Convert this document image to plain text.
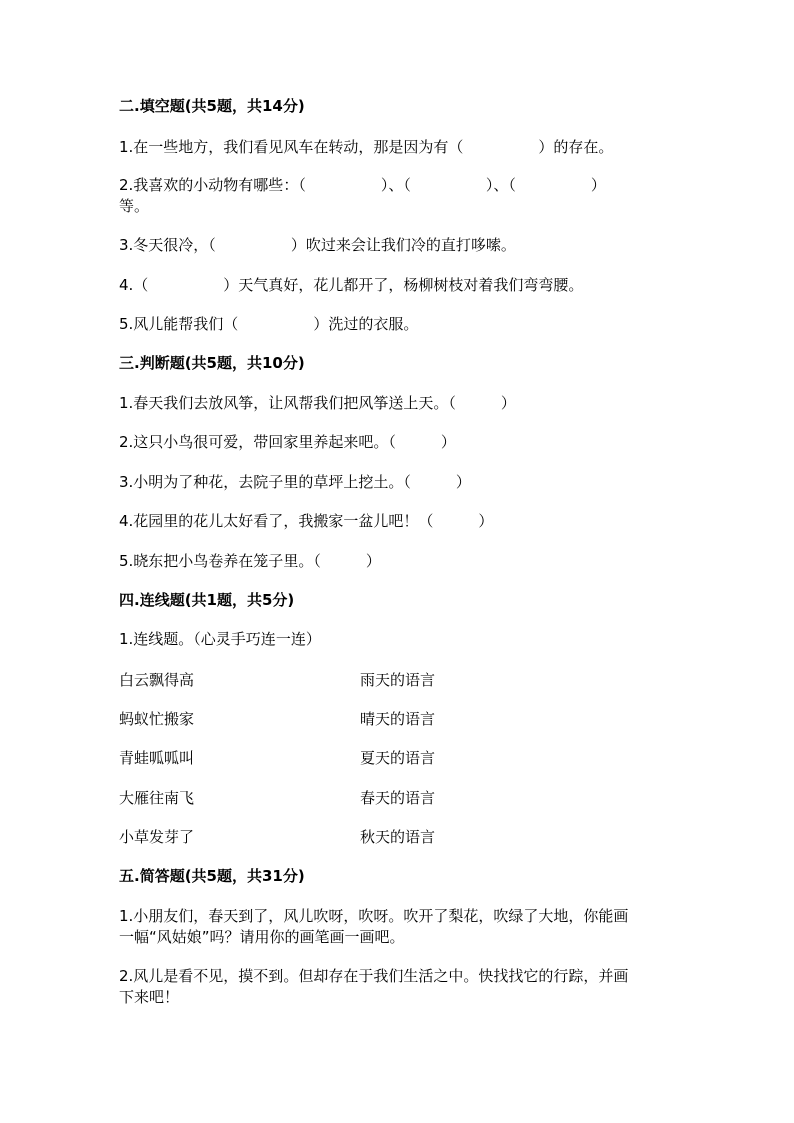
二.填空题(共5题，共14分)
1.在一些地方，我们看见风车在转动，那是因为有（　　　　　）的存在。
2.我喜欢的小动物有哪些：（　　　　　）、（　　　　　）、（　　　　　）
等。
3.冬天很冷，（　　　　　）吹过来会让我们冷的直打哆嗦。
4.（　　　　　）天气真好，花儿都开了，杨柳树枝对着我们弯弯腰。
5.风儿能帮我们（　　　　　）洗过的衣服。
三.判断题(共5题，共10分)
1.春天我们去放风筝，让风帮我们把风筝送上天。（　　　）
2.这只小鸟很可爱，带回家里养起来吧。（　　　）
3.小明为了种花，去院子里的草坪上挖土。（　　　）
4.花园里的花儿太好看了，我搬家一盆儿吧！（　　　）
5.晓东把小鸟卷养在笼子里。（　　　）
四.连线题(共1题，共5分)
1.连线题。（心灵手巧连一连）
白云飘得高	雨天的语言
蚂蚁忙搬家	晴天的语言
青蛙呱呱叫	夏天的语言
大雁往南飞	春天的语言
小草发芽了	秋天的语言
五.简答题(共5题，共31分)
1.小朋友们，春天到了，风儿吹呀，吹呀。吹开了梨花，吹绿了大地，你能画
一幅“风姑娘”吗？请用你的画笔画一画吧。
2.风儿是看不见，摸不到。但却存在于我们生活之中。快找找它的行踪，并画
下来吧！
